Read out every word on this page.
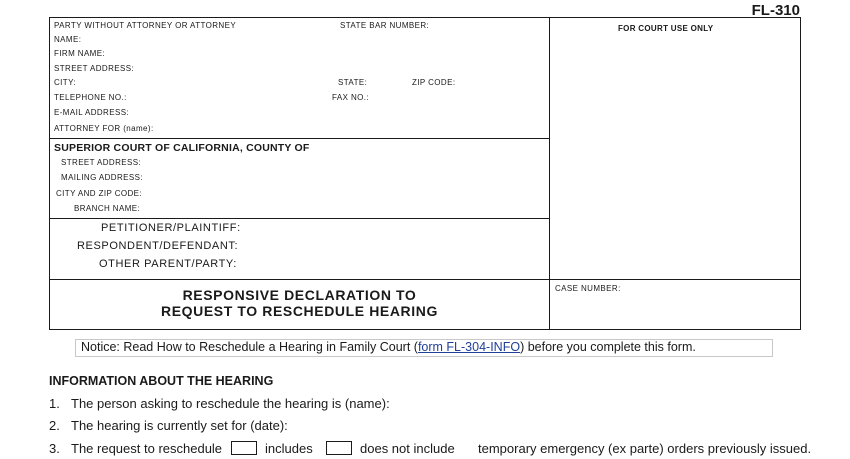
FL-310
PARTY WITHOUT ATTORNEY OR ATTORNEY	STATE BAR NUMBER:
NAME:
FIRM NAME:
STREET ADDRESS:
CITY:	STATE:	ZIP CODE:
TELEPHONE NO.:	FAX NO.:
E-MAIL ADDRESS:
ATTORNEY FOR (name):
FOR COURT USE ONLY
SUPERIOR COURT OF CALIFORNIA, COUNTY OF
STREET ADDRESS:
MAILING ADDRESS:
CITY AND ZIP CODE:
BRANCH NAME:
PETITIONER/PLAINTIFF:
RESPONDENT/DEFENDANT:
OTHER PARENT/PARTY:
RESPONSIVE DECLARATION TO
REQUEST TO RESCHEDULE HEARING
CASE NUMBER:
Notice: Read How to Reschedule a Hearing in Family Court (form FL-304-INFO) before you complete this form.
INFORMATION ABOUT THE HEARING
1. The person asking to reschedule the hearing is (name):
2. The hearing is currently set for (date):
3. The request to reschedule	includes	does not include temporary emergency (ex parte) orders previously issued.
